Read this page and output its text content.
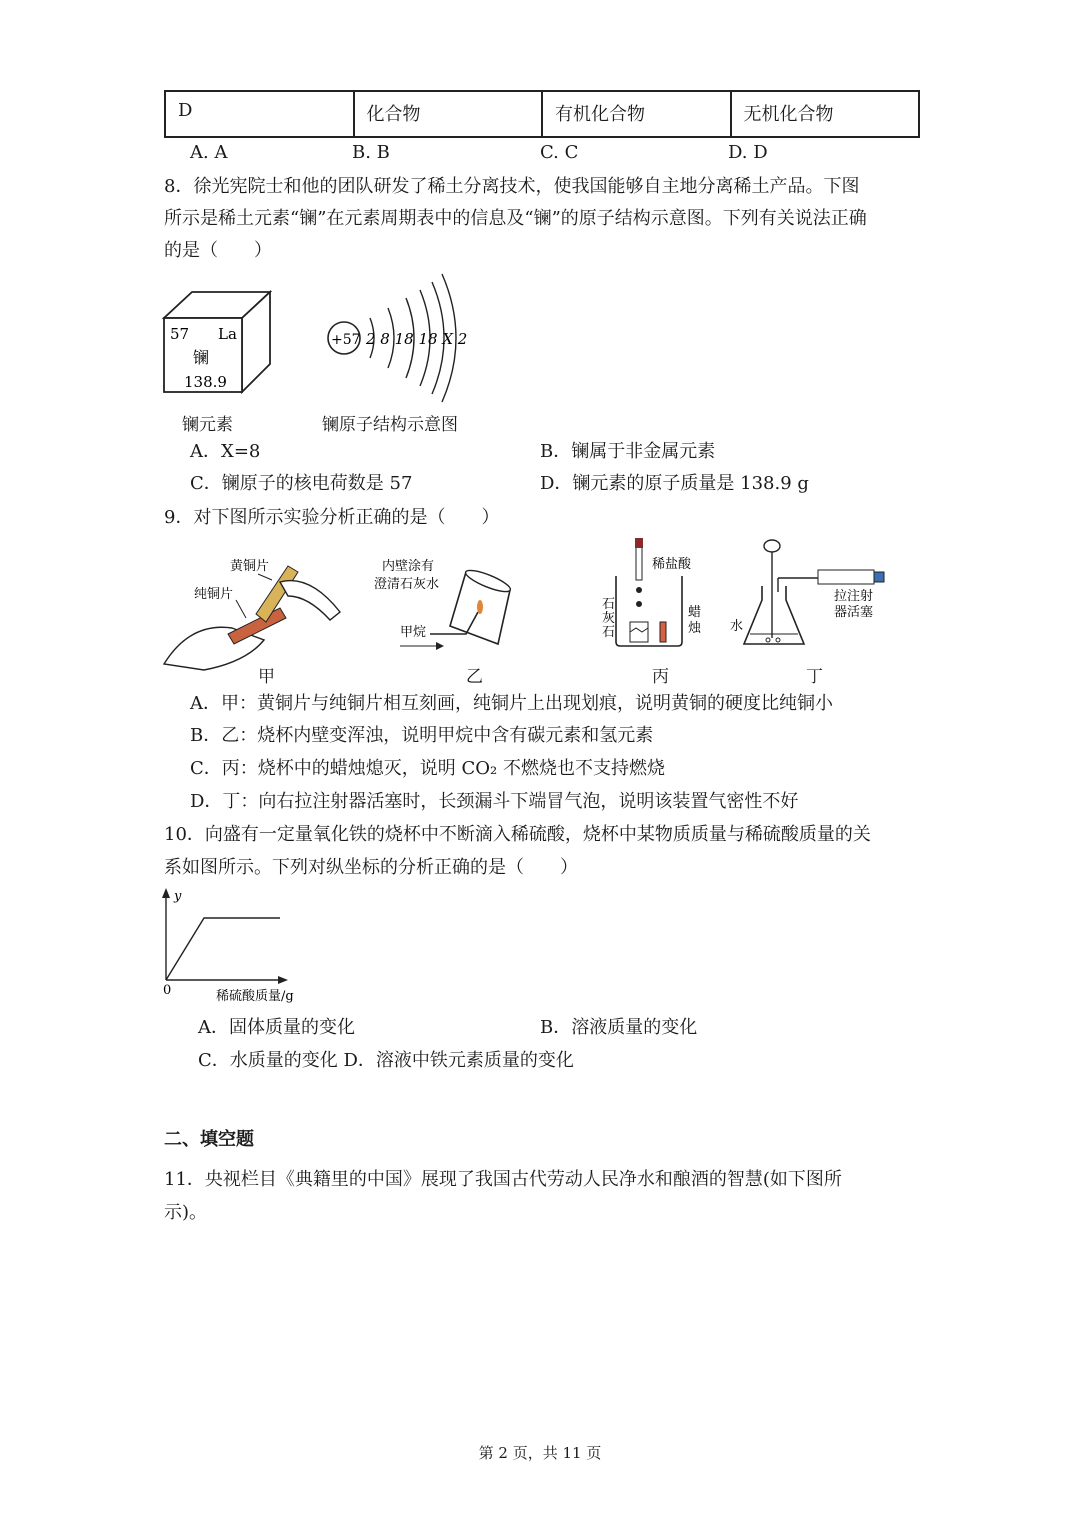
D	化合物	有机化合物	无机化合物
A. A	B. B	C. C	D. D
8．徐光宪院士和他的团队研发了稀土分离技术，使我国能够自主地分离稀土产品。下图
所示是稀土元素“镧”在元素周期表中的信息及“镧”的原子结构示意图。下列有关说法正确
的是（　　）
57 La
镧
138.9
+57 2 8 18 18 X 2
镧元素	镧原子结构示意图
A．X=8	B．镧属于非金属元素
C．镧原子的核电荷数是 57	D．镧元素的原子质量是 138.9 g
9．对下图所示实验分析正确的是（　　）
黄铜片
纯铜片
甲
内壁涂有
澄清石灰水
甲烷
乙
稀盐酸
石
灰
石
蜡
烛
丙
拉注射
器活塞
水
丁
A．甲：黄铜片与纯铜片相互刻画，纯铜片上出现划痕，说明黄铜的硬度比纯铜小
B．乙：烧杯内壁变浑浊，说明甲烷中含有碳元素和氢元素
C．丙：烧杯中的蜡烛熄灭，说明 CO₂ 不燃烧也不支持燃烧
D．丁：向右拉注射器活塞时，长颈漏斗下端冒气泡，说明该装置气密性不好
10．向盛有一定量氧化铁的烧杯中不断滴入稀硫酸，烧杯中某物质质量与稀硫酸质量的关
系如图所示。下列对纵坐标的分析正确的是（　　）
y
0	稀硫酸质量/g
A．固体质量的变化	B．溶液质量的变化
C．水质量的变化 D．溶液中铁元素质量的变化
二、填空题
11．央视栏目《典籍里的中国》展现了我国古代劳动人民净水和酿酒的智慧(如下图所
示)。
第 2 页，共 11 页
